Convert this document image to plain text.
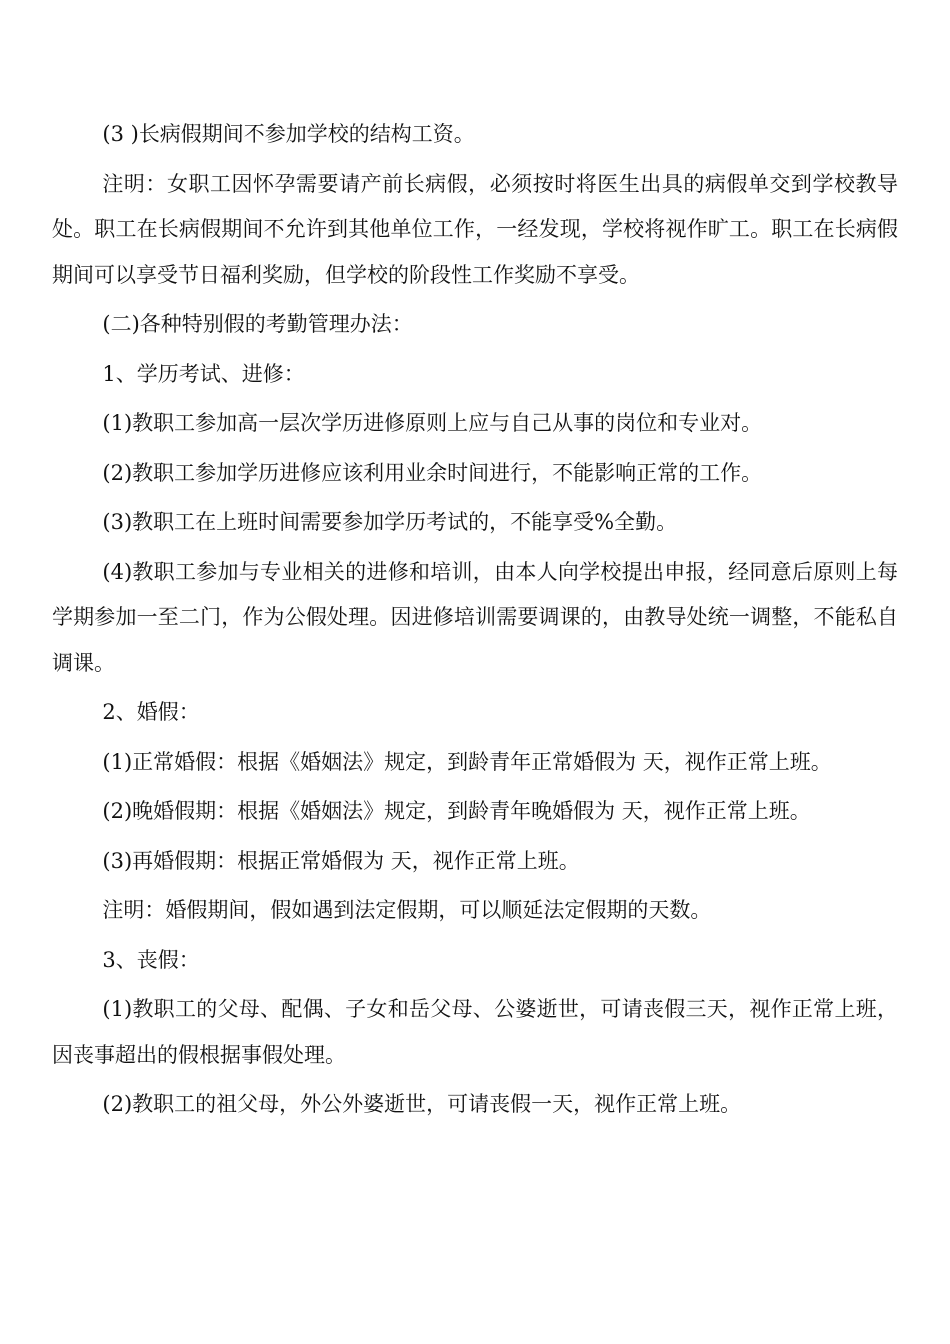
(3 )长病假期间不参加学校的结构工资。

注明：女职工因怀孕需要请产前长病假，必须按时将医生出具的病假单交到学校教导处。职工在长病假期间不允许到其他单位工作，一经发现，学校将视作旷工。职工在长病假期间可以享受节日福利奖励，但学校的阶段性工作奖励不享受。

(二)各种特别假的考勤管理办法：

1、学历考试、进修：

(1)教职工参加高一层次学历进修原则上应与自己从事的岗位和专业对。

(2)教职工参加学历进修应该利用业余时间进行，不能影响正常的工作。

(3)教职工在上班时间需要参加学历考试的，不能享受%全勤。

(4)教职工参加与专业相关的进修和培训，由本人向学校提出申报，经同意后原则上每学期参加一至二门，作为公假处理。因进修培训需要调课的，由教导处统一调整，不能私自调课。

2、婚假：

(1)正常婚假：根据《婚姻法》规定，到龄青年正常婚假为 天，视作正常上班。

(2)晚婚假期：根据《婚姻法》规定，到龄青年晚婚假为 天，视作正常上班。

(3)再婚假期：根据正常婚假为 天，视作正常上班。

注明：婚假期间，假如遇到法定假期，可以顺延法定假期的天数。

3、丧假：

(1)教职工的父母、配偶、子女和岳父母、公婆逝世，可请丧假三天，视作正常上班，因丧事超出的假根据事假处理。

(2)教职工的祖父母，外公外婆逝世，可请丧假一天，视作正常上班。
